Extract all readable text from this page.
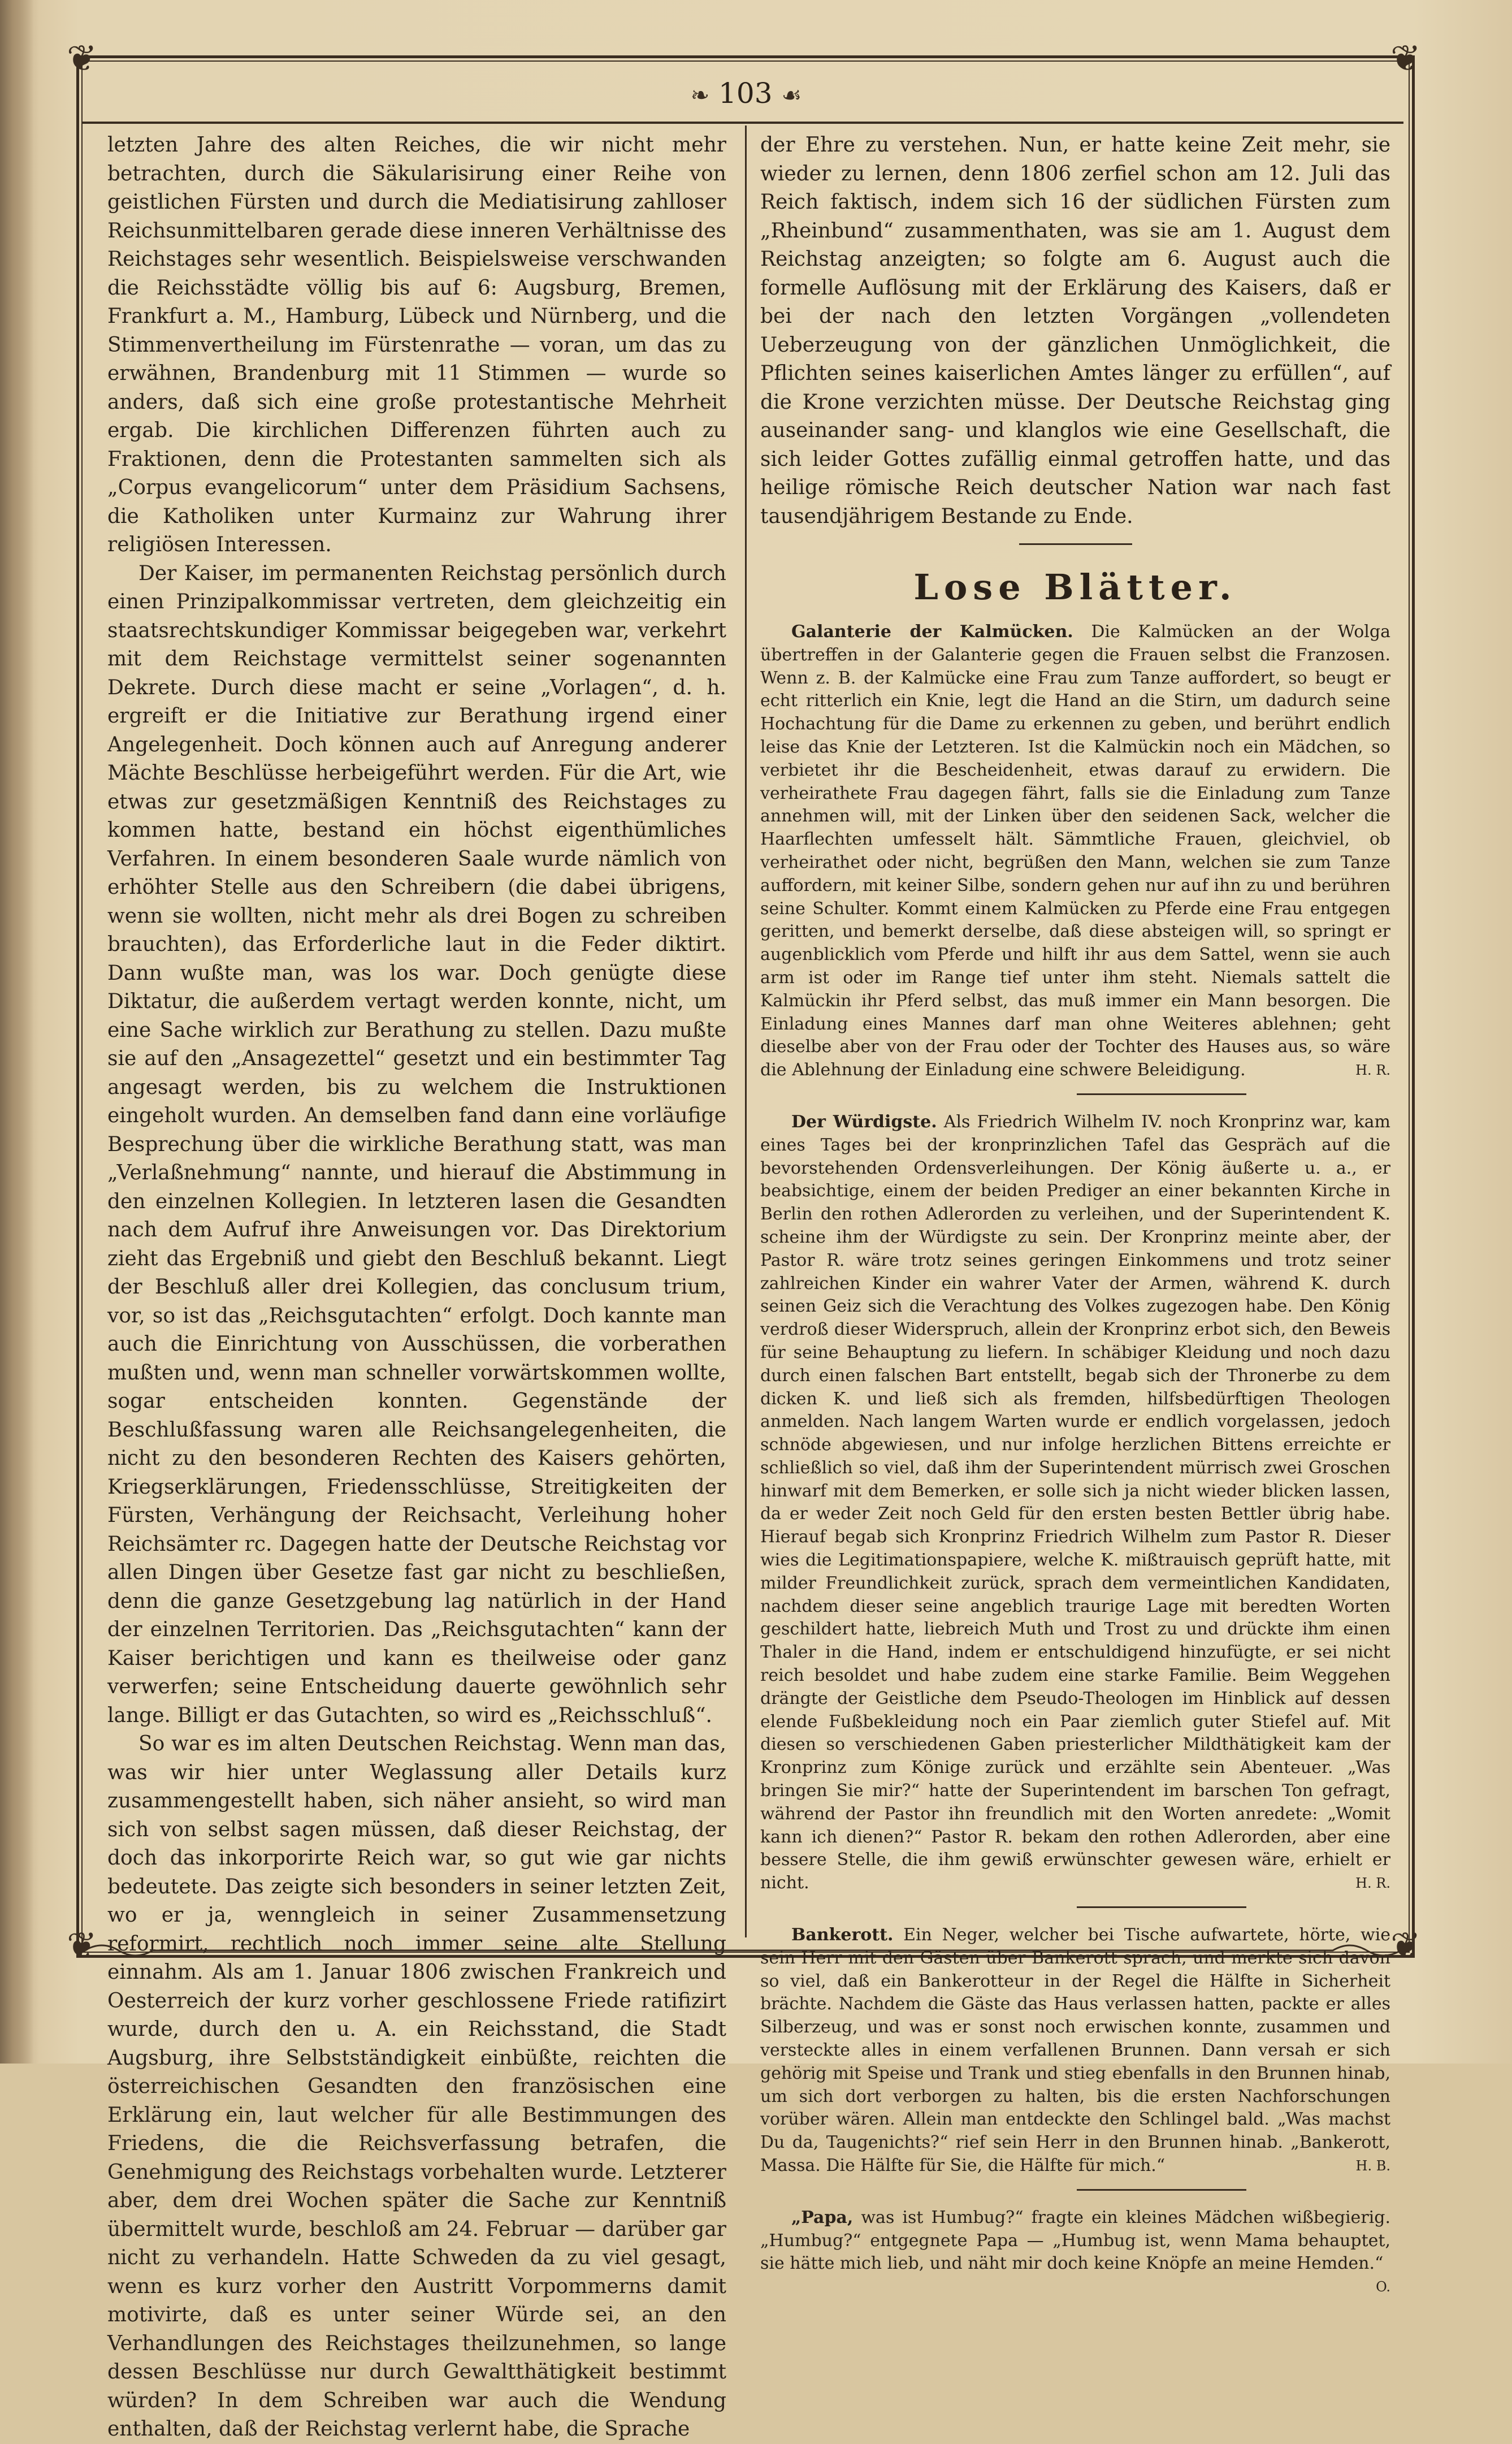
❦	❦
❦	❦
❧ 103 ☙

letzten Jahre des alten Reiches, die wir nicht mehr betrachten, durch die Säkularisirung einer Reihe von geistlichen Fürsten und durch die Mediatisirung zahlloser Reichsunmittelbaren gerade diese inneren Verhältnisse des Reichstages sehr wesentlich. Beispielsweise verschwanden die Reichsstädte völlig bis auf 6: Augsburg, Bremen, Frankfurt a. M., Hamburg, Lübeck und Nürnberg, und die Stimmenvertheilung im Fürstenrathe — voran, um das zu erwähnen, Brandenburg mit 11 Stimmen — wurde so anders, daß sich eine große protestantische Mehrheit ergab. Die kirchlichen Differenzen führten auch zu Fraktionen, denn die Protestanten sammelten sich als „Corpus evangelicorum“ unter dem Präsidium Sachsens, die Katholiken unter Kurmainz zur Wahrung ihrer religiösen Interessen.

Der Kaiser, im permanenten Reichstag persönlich durch einen Prinzipalkommissar vertreten, dem gleichzeitig ein staatsrechtskundiger Kommissar beigegeben war, verkehrt mit dem Reichstage vermittelst seiner sogenannten Dekrete. Durch diese macht er seine „Vorlagen“, d. h. ergreift er die Initiative zur Berathung irgend einer Angelegenheit. Doch können auch auf Anregung anderer Mächte Beschlüsse herbeigeführt werden. Für die Art, wie etwas zur gesetzmäßigen Kenntniß des Reichstages zu kommen hatte, bestand ein höchst eigenthümliches Verfahren. In einem besonderen Saale wurde nämlich von erhöhter Stelle aus den Schreibern (die dabei übrigens, wenn sie wollten, nicht mehr als drei Bogen zu schreiben brauchten), das Erforderliche laut in die Feder diktirt. Dann wußte man, was los war. Doch genügte diese Diktatur, die außerdem vertagt werden konnte, nicht, um eine Sache wirklich zur Berathung zu stellen. Dazu mußte sie auf den „Ansagezettel“ gesetzt und ein bestimmter Tag angesagt werden, bis zu welchem die Instruktionen eingeholt wurden. An demselben fand dann eine vorläufige Besprechung über die wirkliche Berathung statt, was man „Verlaßnehmung“ nannte, und hierauf die Abstimmung in den einzelnen Kollegien. In letzteren lasen die Gesandten nach dem Aufruf ihre Anweisungen vor. Das Direktorium zieht das Ergebniß und giebt den Beschluß bekannt. Liegt der Beschluß aller drei Kollegien, das conclusum trium, vor, so ist das „Reichsgutachten“ erfolgt. Doch kannte man auch die Einrichtung von Ausschüssen, die vorberathen mußten und, wenn man schneller vorwärtskommen wollte, sogar entscheiden konnten. Gegenstände der Beschlußfassung waren alle Reichsangelegenheiten, die nicht zu den besonderen Rechten des Kaisers gehörten, Kriegserklärungen, Friedensschlüsse, Streitigkeiten der Fürsten, Verhängung der Reichsacht, Verleihung hoher Reichsämter rc. Dagegen hatte der Deutsche Reichstag vor allen Dingen über Gesetze fast gar nicht zu beschließen, denn die ganze Gesetzgebung lag natürlich in der Hand der einzelnen Territorien. Das „Reichsgutachten“ kann der Kaiser berichtigen und kann es theilweise oder ganz verwerfen; seine Entscheidung dauerte gewöhnlich sehr lange. Billigt er das Gutachten, so wird es „Reichsschluß“.

So war es im alten Deutschen Reichstag. Wenn man das, was wir hier unter Weglassung aller Details kurz zusammengestellt haben, sich näher ansieht, so wird man sich von selbst sagen müssen, daß dieser Reichstag, der doch das inkorporirte Reich war, so gut wie gar nichts bedeutete. Das zeigte sich besonders in seiner letzten Zeit, wo er ja, wenngleich in seiner Zusammensetzung reformirt, rechtlich noch immer seine alte Stellung einnahm. Als am 1. Januar 1806 zwischen Frankreich und Oesterreich der kurz vorher geschlossene Friede ratifizirt wurde, durch den u. A. ein Reichsstand, die Stadt Augsburg, ihre Selbstständigkeit einbüßte, reichten die österreichischen Gesandten den französischen eine Erklärung ein, laut welcher für alle Bestimmungen des Friedens, die die Reichsverfassung betrafen, die Genehmigung des Reichstags vorbehalten wurde. Letzterer aber, dem drei Wochen später die Sache zur Kenntniß übermittelt wurde, beschloß am 24. Februar — darüber gar nicht zu verhandeln. Hatte Schweden da zu viel gesagt, wenn es kurz vorher den Austritt Vorpommerns damit motivirte, daß es unter seiner Würde sei, an den Verhandlungen des Reichstages theilzunehmen, so lange dessen Beschlüsse nur durch Gewaltthätigkeit bestimmt würden? In dem Schreiben war auch die Wendung enthalten, daß der Reichstag verlernt habe, die Sprache

der Ehre zu verstehen. Nun, er hatte keine Zeit mehr, sie wieder zu lernen, denn 1806 zerfiel schon am 12. Juli das Reich faktisch, indem sich 16 der südlichen Fürsten zum „Rheinbund“ zusammenthaten, was sie am 1. August dem Reichstag anzeigten; so folgte am 6. August auch die formelle Auflösung mit der Erklärung des Kaisers, daß er bei der nach den letzten Vorgängen „vollendeten Ueberzeugung von der gänzlichen Unmöglichkeit, die Pflichten seines kaiserlichen Amtes länger zu erfüllen“, auf die Krone verzichten müsse. Der Deutsche Reichstag ging auseinander sang- und klanglos wie eine Gesellschaft, die sich leider Gottes zufällig einmal getroffen hatte, und das heilige römische Reich deutscher Nation war nach fast tausendjährigem Bestande zu Ende.

Lose Blätter.

Galanterie der Kalmücken. Die Kalmücken an der Wolga übertreffen in der Galanterie gegen die Frauen selbst die Franzosen. Wenn z. B. der Kalmücke eine Frau zum Tanze auffordert, so beugt er echt ritterlich ein Knie, legt die Hand an die Stirn, um dadurch seine Hochachtung für die Dame zu erkennen zu geben, und berührt endlich leise das Knie der Letzteren. Ist die Kalmückin noch ein Mädchen, so verbietet ihr die Bescheidenheit, etwas darauf zu erwidern. Die verheirathete Frau dagegen fährt, falls sie die Einladung zum Tanze annehmen will, mit der Linken über den seidenen Sack, welcher die Haarflechten umfesselt hält. Sämmtliche Frauen, gleichviel, ob verheirathet oder nicht, begrüßen den Mann, welchen sie zum Tanze auffordern, mit keiner Silbe, sondern gehen nur auf ihn zu und berühren seine Schulter. Kommt einem Kalmücken zu Pferde eine Frau entgegen geritten, und bemerkt derselbe, daß diese absteigen will, so springt er augenblicklich vom Pferde und hilft ihr aus dem Sattel, wenn sie auch arm ist oder im Range tief unter ihm steht. Niemals sattelt die Kalmückin ihr Pferd selbst, das muß immer ein Mann besorgen. Die Einladung eines Mannes darf man ohne Weiteres ablehnen; geht dieselbe aber von der Frau oder der Tochter des Hauses aus, so wäre die Ablehnung der Einladung eine schwere Beleidigung.	H. R.

Der Würdigste. Als Friedrich Wilhelm IV. noch Kronprinz war, kam eines Tages bei der kronprinzlichen Tafel das Gespräch auf die bevorstehenden Ordensverleihungen. Der König äußerte u. a., er beabsichtige, einem der beiden Prediger an einer bekannten Kirche in Berlin den rothen Adlerorden zu verleihen, und der Superintendent K. scheine ihm der Würdigste zu sein. Der Kronprinz meinte aber, der Pastor R. wäre trotz seines geringen Einkommens und trotz seiner zahlreichen Kinder ein wahrer Vater der Armen, während K. durch seinen Geiz sich die Verachtung des Volkes zugezogen habe. Den König verdroß dieser Widerspruch, allein der Kronprinz erbot sich, den Beweis für seine Behauptung zu liefern. In schäbiger Kleidung und noch dazu durch einen falschen Bart entstellt, begab sich der Thronerbe zu dem dicken K. und ließ sich als fremden, hilfsbedürftigen Theologen anmelden. Nach langem Warten wurde er endlich vorgelassen, jedoch schnöde abgewiesen, und nur infolge herzlichen Bittens erreichte er schließlich so viel, daß ihm der Superintendent mürrisch zwei Groschen hinwarf mit dem Bemerken, er solle sich ja nicht wieder blicken lassen, da er weder Zeit noch Geld für den ersten besten Bettler übrig habe. Hierauf begab sich Kronprinz Friedrich Wilhelm zum Pastor R. Dieser wies die Legitimationspapiere, welche K. mißtrauisch geprüft hatte, mit milder Freundlichkeit zurück, sprach dem vermeintlichen Kandidaten, nachdem dieser seine angeblich traurige Lage mit beredten Worten geschildert hatte, liebreich Muth und Trost zu und drückte ihm einen Thaler in die Hand, indem er entschuldigend hinzufügte, er sei nicht reich besoldet und habe zudem eine starke Familie. Beim Weggehen drängte der Geistliche dem Pseudo-Theologen im Hinblick auf dessen elende Fußbekleidung noch ein Paar ziemlich guter Stiefel auf. Mit diesen so verschiedenen Gaben priesterlicher Mildthätigkeit kam der Kronprinz zum Könige zurück und erzählte sein Abenteuer. „Was bringen Sie mir?“ hatte der Superintendent im barschen Ton gefragt, während der Pastor ihn freundlich mit den Worten anredete: „Womit kann ich dienen?“ Pastor R. bekam den rothen Adlerorden, aber eine bessere Stelle, die ihm gewiß erwünschter gewesen wäre, erhielt er nicht.	H. R.

Bankerott. Ein Neger, welcher bei Tische aufwartete, hörte, wie sein Herr mit den Gästen über Bankerott sprach, und merkte sich davon so viel, daß ein Bankerotteur in der Regel die Hälfte in Sicherheit brächte. Nachdem die Gäste das Haus verlassen hatten, packte er alles Silberzeug, und was er sonst noch erwischen konnte, zusammen und versteckte alles in einem verfallenen Brunnen. Dann versah er sich gehörig mit Speise und Trank und stieg ebenfalls in den Brunnen hinab, um sich dort verborgen zu halten, bis die ersten Nachforschungen vorüber wären. Allein man entdeckte den Schlingel bald. „Was machst Du da, Taugenichts?“ rief sein Herr in den Brunnen hinab. „Bankerott, Massa. Die Hälfte für Sie, die Hälfte für mich.“	H. B.

„Papa, was ist Humbug?“ fragte ein kleines Mädchen wißbegierig. „Humbug?“ entgegnete Papa — „Humbug ist, wenn Mama behauptet, sie hätte mich lieb, und näht mir doch keine Knöpfe an meine Hemden.“
O.
